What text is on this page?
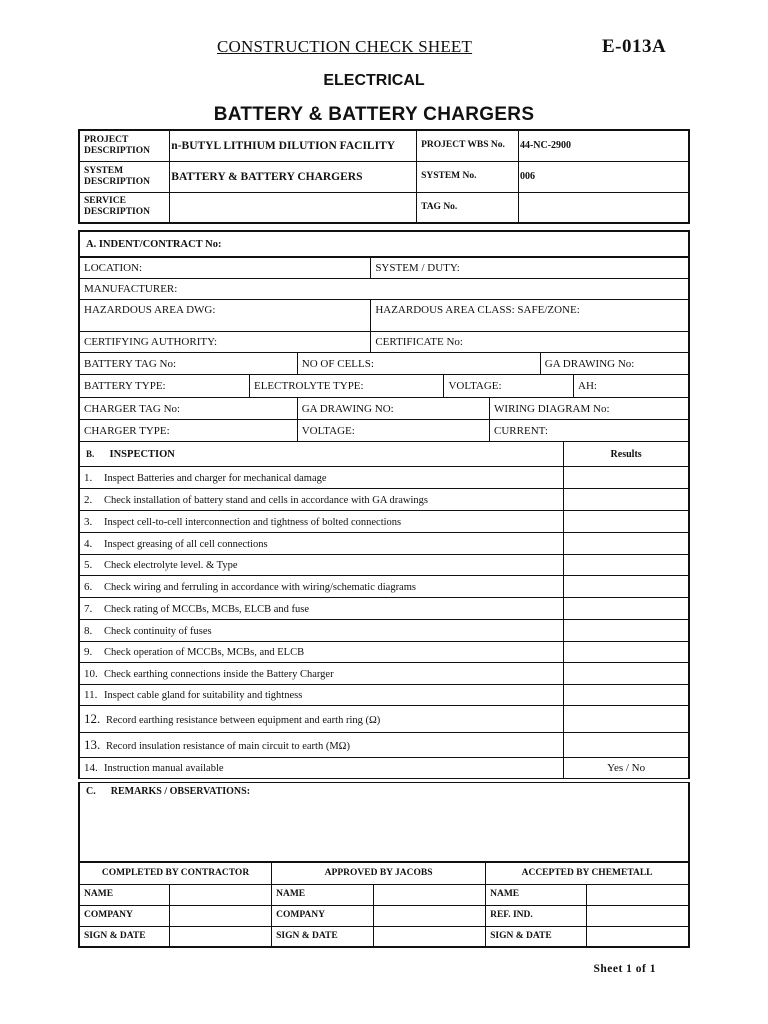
CONSTRUCTION CHECK SHEET	E-013A
ELECTRICAL
BATTERY & BATTERY CHARGERS
PROJECT DESCRIPTION	n-BUTYL LITHIUM DILUTION FACILITY	PROJECT WBS No.	44-NC-2900
SYSTEM DESCRIPTION	BATTERY & BATTERY CHARGERS	SYSTEM No.	006
SERVICE DESCRIPTION		TAG No.	
A. INDENT/CONTRACT No:
LOCATION:	SYSTEM / DUTY:
MANUFACTURER:	
HAZARDOUS AREA DWG:	HAZARDOUS AREA CLASS: SAFE/ZONE:
CERTIFYING AUTHORITY:	CERTIFICATE No:
BATTERY TAG No:	NO OF CELLS:	GA DRAWING No:
BATTERY TYPE:	ELECTROLYTE TYPE:	VOLTAGE:	AH:
CHARGER TAG No:	GA DRAWING NO:	WIRING DIAGRAM No:
CHARGER TYPE:	VOLTAGE:	CURRENT:
B. INSPECTION	Results
1. Inspect Batteries and charger for mechanical damage	
2. Check installation of battery stand and cells in accordance with GA drawings	
3. Inspect cell-to-cell interconnection and tightness of bolted connections	
4. Inspect greasing of all cell connections	
5. Check electrolyte level. & Type	
6. Check wiring and ferruling in accordance with wiring/schematic diagrams	
7. Check rating of MCCBs, MCBs, ELCB and fuse	
8. Check continuity of fuses	
9. Check operation of MCCBs, MCBs, and ELCB	
10. Check earthing connections inside the Battery Charger	
11. Inspect cable gland for suitability and tightness	
12. Record earthing resistance between equipment and earth ring (Ω)	
13. Record insulation resistance of main circuit to earth (MΩ)	
14. Instruction manual available	Yes / No
C. REMARKS / OBSERVATIONS:
COMPLETED BY CONTRACTOR		APPROVED BY JACOBS		ACCEPTED BY CHEMETALL	
NAME		NAME		NAME	
COMPANY		COMPANY		REF. IND.	
SIGN & DATE		SIGN & DATE		SIGN & DATE	
Sheet 1 of 1
